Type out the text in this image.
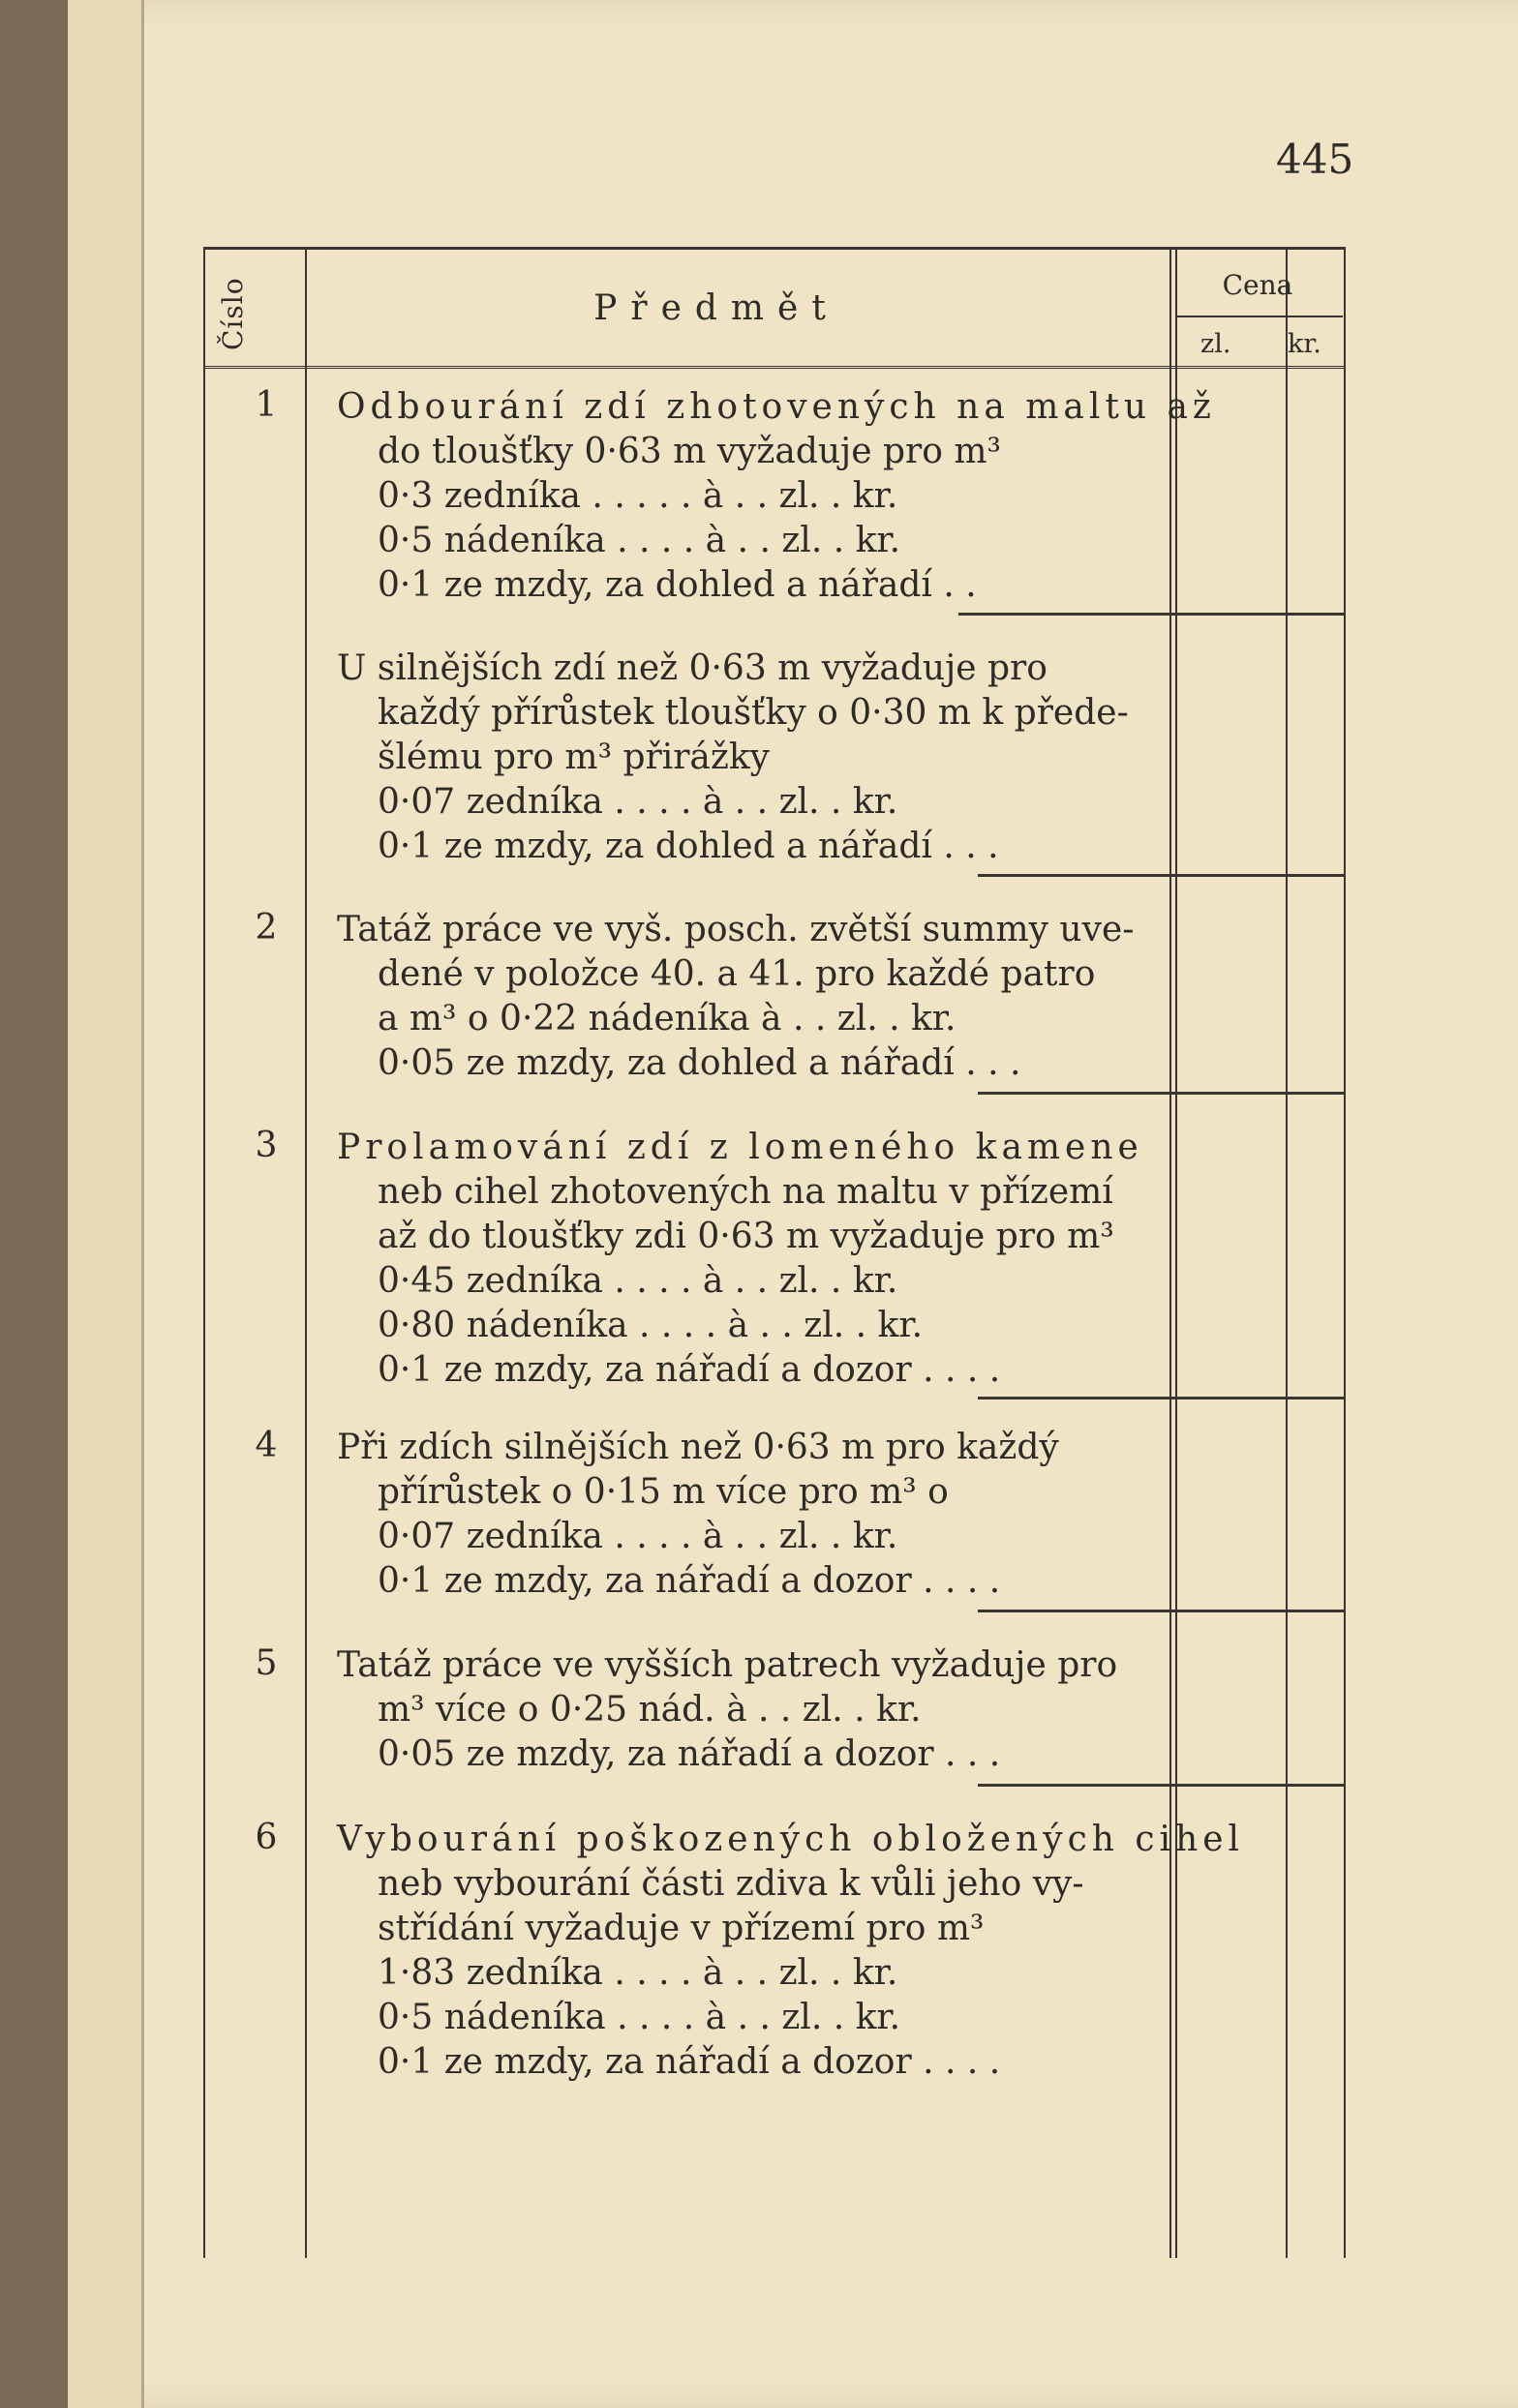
445
Číslo	Předmět
Cena
zl. kr.
1 Odbourání zdí zhotovených na maltu až
do tloušťky 0·63 m vyžaduje pro m³
0·3 zedníka . . . . . à . . zl. . kr.
0·5 nádeníka . . . . à . . zl. . kr.
0·1 ze mzdy, za dohled a nářadí . .
U silnějších zdí než 0·63 m vyžaduje pro
každý přírůstek tloušťky o 0·30 m k přede-
šlému pro m³ přirážky
0·07 zedníka . . . . à . . zl. . kr.
0·1 ze mzdy, za dohled a nářadí . . .
2 Tatáž práce ve vyš. posch. zvětší summy uve-
dené v položce 40. a 41. pro každé patro
a m³ o 0·22 nádeníka à . . zl. . kr.
0·05 ze mzdy, za dohled a nářadí . . .
3 Prolamování zdí z lomeného kamene
neb cihel zhotovených na maltu v přízemí
až do tloušťky zdi 0·63 m vyžaduje pro m³
0·45 zedníka . . . . à . . zl. . kr.
0·80 nádeníka . . . . à . . zl. . kr.
0·1 ze mzdy, za nářadí a dozor . . . .
4 Při zdích silnějších než 0·63 m pro každý
přírůstek o 0·15 m více pro m³ o
0·07 zedníka . . . . à . . zl. . kr.
0·1 ze mzdy, za nářadí a dozor . . . .
5 Tatáž práce ve vyšších patrech vyžaduje pro
m³ více o 0·25 nád. à . . zl. . kr.
0·05 ze mzdy, za nářadí a dozor . . .
6 Vybourání poškozených obložených cihel
neb vybourání části zdiva k vůli jeho vy-
střídání vyžaduje v přízemí pro m³
1·83 zedníka . . . . à . . zl. . kr.
0·5 nádeníka . . . . à . . zl. . kr.
0·1 ze mzdy, za nářadí a dozor . . . .
